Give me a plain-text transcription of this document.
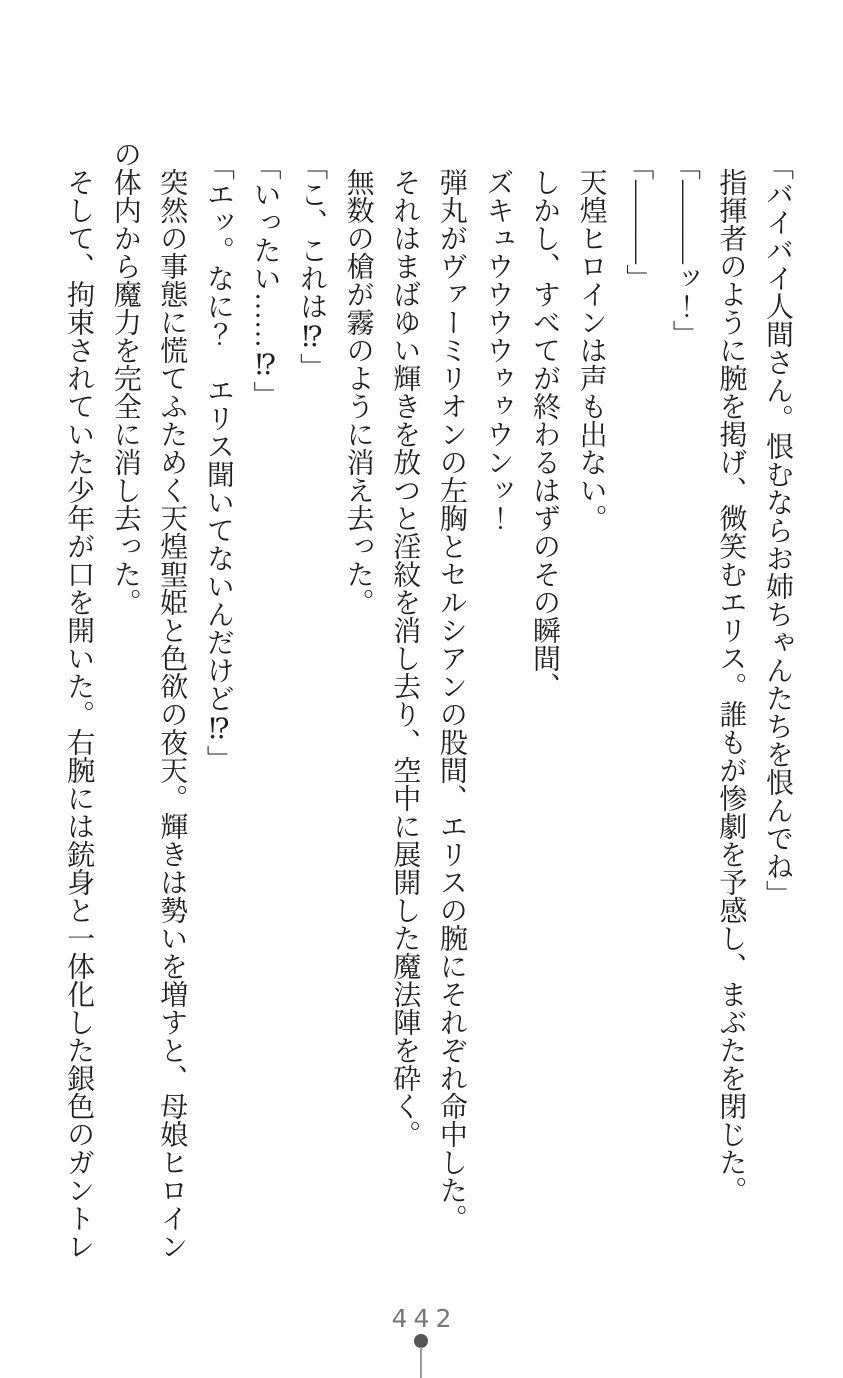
「バイバイ人間さん。恨むならお姉ちゃんたちを恨んでね」

指揮者のように腕を掲げ、微笑むエリス。誰もが惨劇を予感し、まぶたを閉じた。

「―――ッ！」

「―――」

天煌ヒロインは声も出ない。

しかし、すべてが終わるはずのその瞬間、

ズキュウウウウゥゥウンッ！

弾丸がヴァーミリオンの左胸とセルシアンの股間、エリスの腕にそれぞれ命中した。

それはまばゆい輝きを放つと淫紋を消し去り、空中に展開した魔法陣を砕く。

無数の槍が霧のように消え去った。

「こ、これは⁉」

「いったい……⁉」

「エッ。なに？　エリス聞いてないんだけど⁉」

突然の事態に慌てふためく天煌聖姫と色欲の夜天。輝きは勢いを増すと、母娘ヒロインの体内から魔力を完全に消し去った。

そして、拘束されていた少年が口を開いた。右腕には銃身と一体化した銀色のガントレ

442
